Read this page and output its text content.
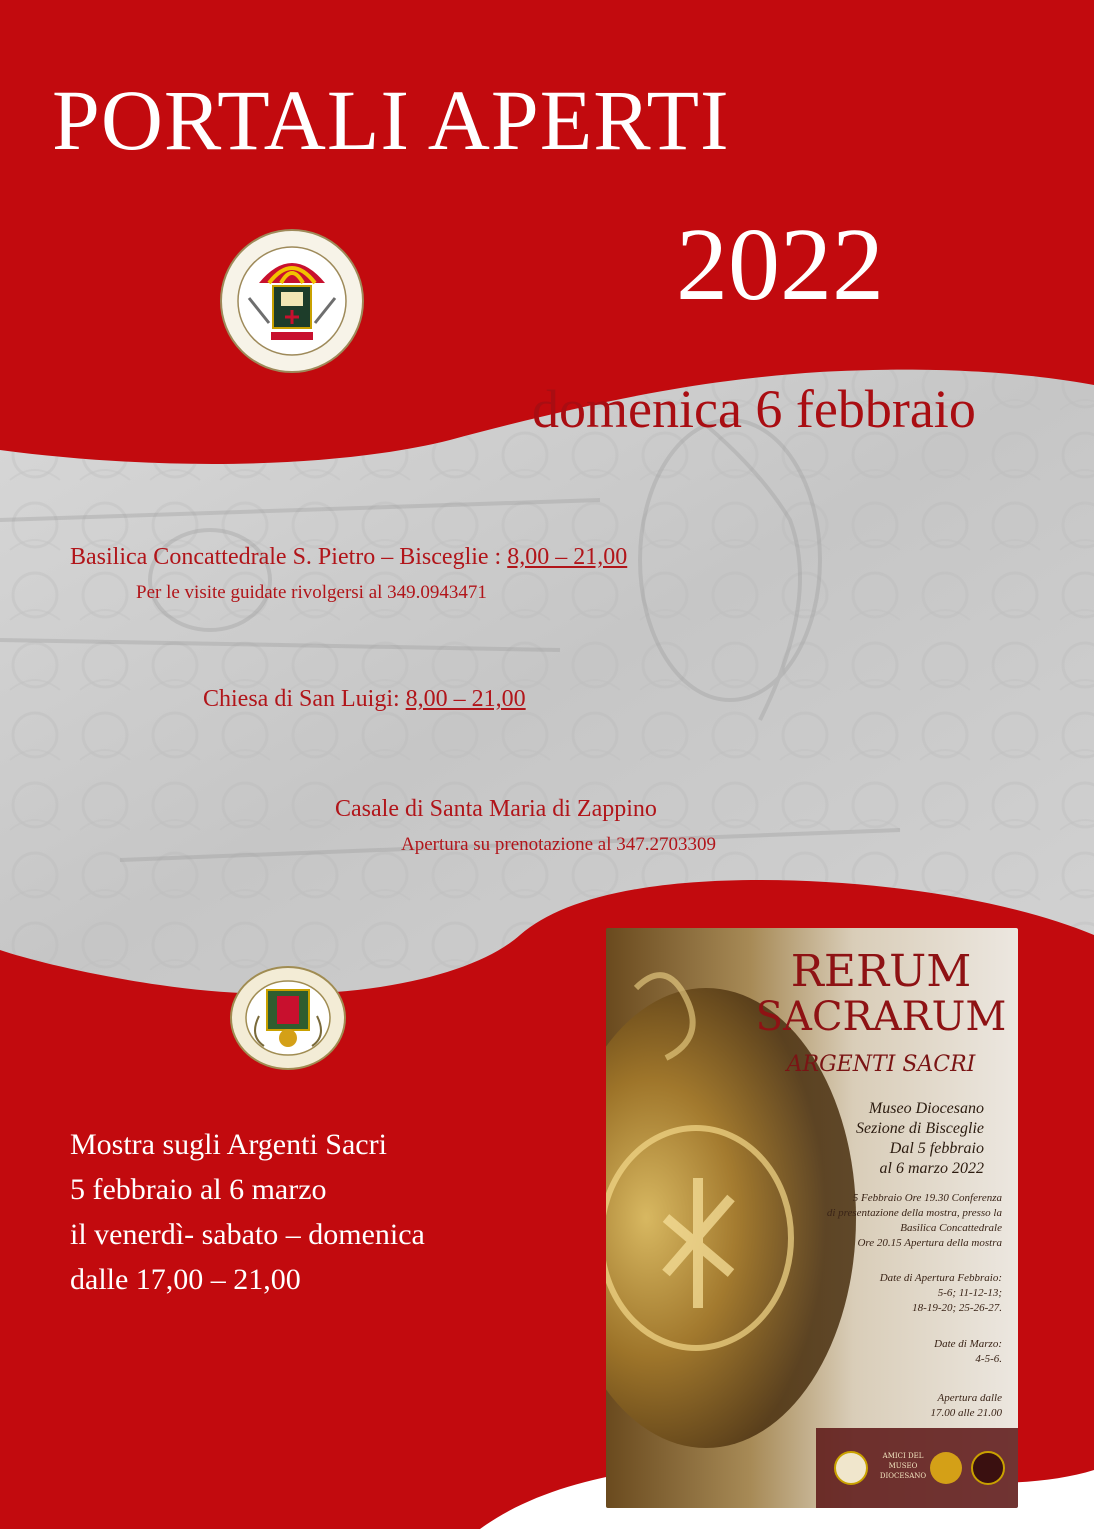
PORTALI APERTI
2022
domenica 6 febbraio
Basilica Concattedrale S. Pietro – Bisceglie : 8,00 – 21,00
Per le visite guidate rivolgersi al 349.0943471
Chiesa di San Luigi: 8,00 – 21,00
Casale di Santa Maria di Zappino
Apertura su prenotazione al 347.2703309
Mostra sugli Argenti Sacri
5 febbraio al 6 marzo
il venerdì- sabato – domenica
dalle 17,00 – 21,00
RERUM
SACRARUM
ARGENTI SACRI
Museo Diocesano
Sezione di Bisceglie
Dal 5 febbraio
al 6 marzo 2022
5 Febbraio Ore 19.30 Conferenza
di presentazione della mostra, presso la
Basilica Concattedrale
Ore 20.15 Apertura della mostra
Date di Apertura Febbraio:
5-6; 11-12-13;
18-19-20; 25-26-27.
Date di Marzo:
4-5-6.
Apertura dalle
17.00 alle 21.00
AMICI DEL
MUSEO
DIOCESANO
